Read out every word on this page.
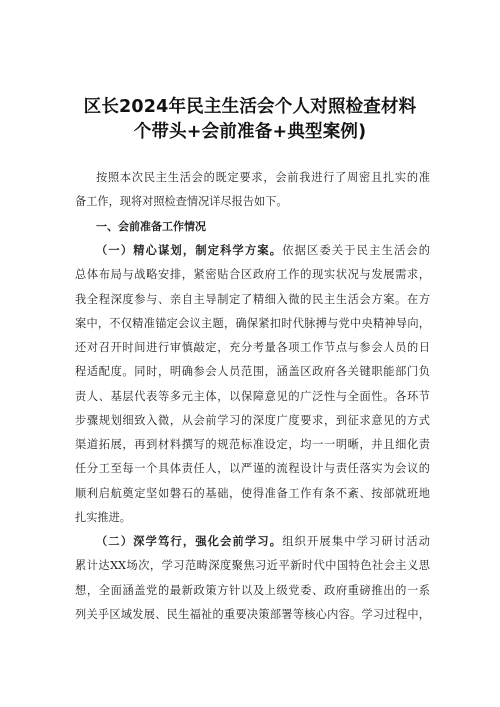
区长2024年民主生活会个人对照检查材料
个带头+会前准备+典型案例)
按照本次民主生活会的既定要求，会前我进行了周密且扎实的准
备工作，现将对照检查情况详尽报告如下。
一、会前准备工作情况
（一）精心谋划，制定科学方案。依据区委关于民主生活会的
总体布局与战略安排，紧密贴合区政府工作的现实状况与发展需求，
我全程深度参与、亲自主导制定了精细入微的民主生活会方案。在方
案中，不仅精准锚定会议主题，确保紧扣时代脉搏与党中央精神导向，
还对召开时间进行审慎敲定，充分考量各项工作节点与参会人员的日
程适配度。同时，明确参会人员范围，涵盖区政府各关键职能部门负
责人、基层代表等多元主体，以保障意见的广泛性与全面性。各环节
步骤规划细致入微，从会前学习的深度广度要求，到征求意见的方式
渠道拓展，再到材料撰写的规范标准设定，均一一明晰，并且细化责
任分工至每一个具体责任人，以严谨的流程设计与责任落实为会议的
顺利启航奠定坚如磐石的基础，使得准备工作有条不紊、按部就班地
扎实推进。
（二）深学笃行，强化会前学习。组织开展集中学习研讨活动
累计达XX场次，学习范畴深度聚焦习近平新时代中国特色社会主义思
想，全面涵盖党的最新政策方针以及上级党委、政府重磅推出的一系
列关乎区域发展、民生福祉的重要决策部署等核心内容。学习过程中，
